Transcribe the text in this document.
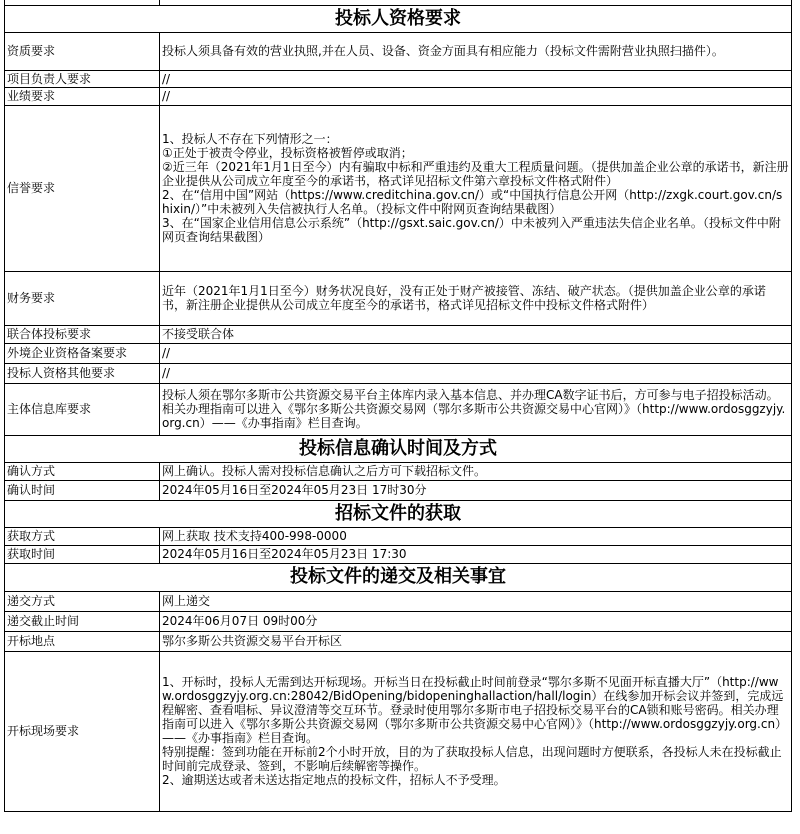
投标人资格要求	
资质要求	投标人须具备有效的营业执照,并在人员、设备、资金方面具有相应能力（投标文件需附营业执照扫描件）。
项目负责人要求	//
业绩要求	//
信誉要求	1、投标人不存在下列情形之一：

①正处于被责令停业，投标资格被暂停或取消；

②近三年（2021年1月1日至今）内有骗取中标和严重违约及重大工程质量问题。（提供加盖企业公章的承诺书，新注册企业提供从公司成立年度至今的承诺书，格式详见招标文件第六章投标文件格式附件）

2、在“信用中国”网站（https://www.creditchina.gov.cn/）或“中国执行信息公开网（http://zxgk.court.gov.cn/shixin/）”中未被列入失信被执行人名单。（投标文件中附网页查询结果截图）

3、在“国家企业信用信息公示系统”（http://gsxt.saic.gov.cn/）中未被列入严重违法失信企业名单。（投标文件中附网页查询结果截图）

财务要求	近年（2021年1月1日至今）财务状况良好，没有正处于财产被接管、冻结、破产状态。（提供加盖企业公章的承诺书，新注册企业提供从公司成立年度至今的承诺书，格式详见招标文件中投标文件格式附件）
联合体投标要求	不接受联合体
外境企业资格备案要求	//
投标人资格其他要求	//
主体信息库要求	投标人须在鄂尔多斯市公共资源交易平台主体库内录入基本信息、并办理CA数字证书后，方可参与电子招投标活动。相关办理指南可以进入《鄂尔多斯公共资源交易网（鄂尔多斯市公共资源交易中心官网）》（http://www.ordosggzyjy.org.cn）——《办事指南》栏目查询。
投标信息确认时间及方式	
确认方式	网上确认。投标人需对投标信息确认之后方可下载招标文件。
确认时间	2024年05月16日至2024年05月23日 17时30分
招标文件的获取	
获取方式	网上获取 技术支持400-998-0000
获取时间	2024年05月16日至2024年05月23日 17:30
投标文件的递交及相关事宜	
递交方式	网上递交
递交截止时间	2024年06月07日 09时00分
开标地点	鄂尔多斯公共资源交易平台开标区
开标现场要求	1、开标时，投标人无需到达开标现场。开标当日在投标截止时间前登录“鄂尔多斯不见面开标直播大厅”（http://www.ordosggzyjy.org.cn:28042/BidOpening/bidopeninghallaction/hall/login）在线参加开标会议并签到，完成远程解密、查看唱标、异议澄清等交互环节。登录时使用鄂尔多斯市电子招投标交易平台的CA锁和账号密码。相关办理指南可以进入《鄂尔多斯公共资源交易网（鄂尔多斯市公共资源交易中心官网）》（http://www.ordosggzyjy.org.cn）——《办事指南》栏目查询。

特别提醒：签到功能在开标前2个小时开放，目的为了获取投标人信息，出现问题时方便联系，各投标人未在投标截止时间前完成登录、签到，不影响后续解密等操作。

2、逾期送达或者未送达指定地点的投标文件，招标人不予受理。
